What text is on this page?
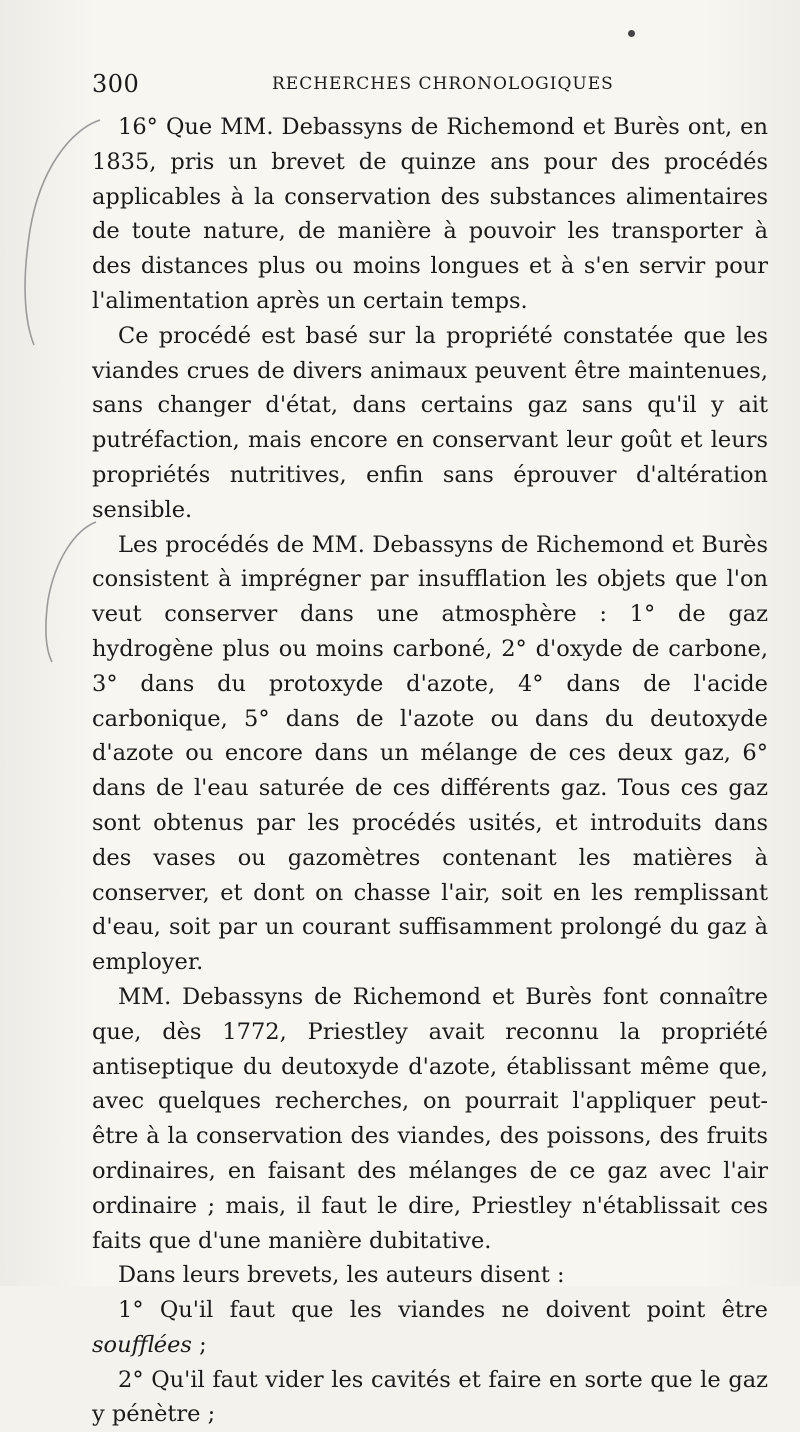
300	RECHERCHES CHRONOLOGIQUES

16° Que MM. Debassyns de Richemond et Burès ont, en 1835, pris un brevet de quinze ans pour des procédés applicables à la conservation des substances alimentaires de toute nature, de manière à pouvoir les transporter à des distances plus ou moins longues et à s'en servir pour l'alimentation après un certain temps.

Ce procédé est basé sur la propriété constatée que les viandes crues de divers animaux peuvent être maintenues, sans changer d'état, dans certains gaz sans qu'il y ait putréfaction, mais encore en conservant leur goût et leurs propriétés nutritives, enfin sans éprouver d'altération sensible.

Les procédés de MM. Debassyns de Richemond et Burès consistent à imprégner par insufflation les objets que l'on veut conserver dans une atmosphère : 1° de gaz hydrogène plus ou moins carboné, 2° d'oxyde de carbone, 3° dans du protoxyde d'azote, 4° dans de l'acide carbonique, 5° dans de l'azote ou dans du deutoxyde d'azote ou encore dans un mélange de ces deux gaz, 6° dans de l'eau saturée de ces différents gaz. Tous ces gaz sont obtenus par les procédés usités, et introduits dans des vases ou gazomètres contenant les matières à conserver, et dont on chasse l'air, soit en les remplissant d'eau, soit par un courant suffisamment prolongé du gaz à employer.

MM. Debassyns de Richemond et Burès font connaître que, dès 1772, Priestley avait reconnu la propriété antiseptique du deutoxyde d'azote, établissant même que, avec quelques recherches, on pourrait l'appliquer peut-être à la conservation des viandes, des poissons, des fruits ordinaires, en faisant des mélanges de ce gaz avec l'air ordinaire ; mais, il faut le dire, Priestley n'établissait ces faits que d'une manière dubitative.

Dans leurs brevets, les auteurs disent :

1° Qu'il faut que les viandes ne doivent point être soufflées ;

2° Qu'il faut vider les cavités et faire en sorte que le gaz y pénètre ;
